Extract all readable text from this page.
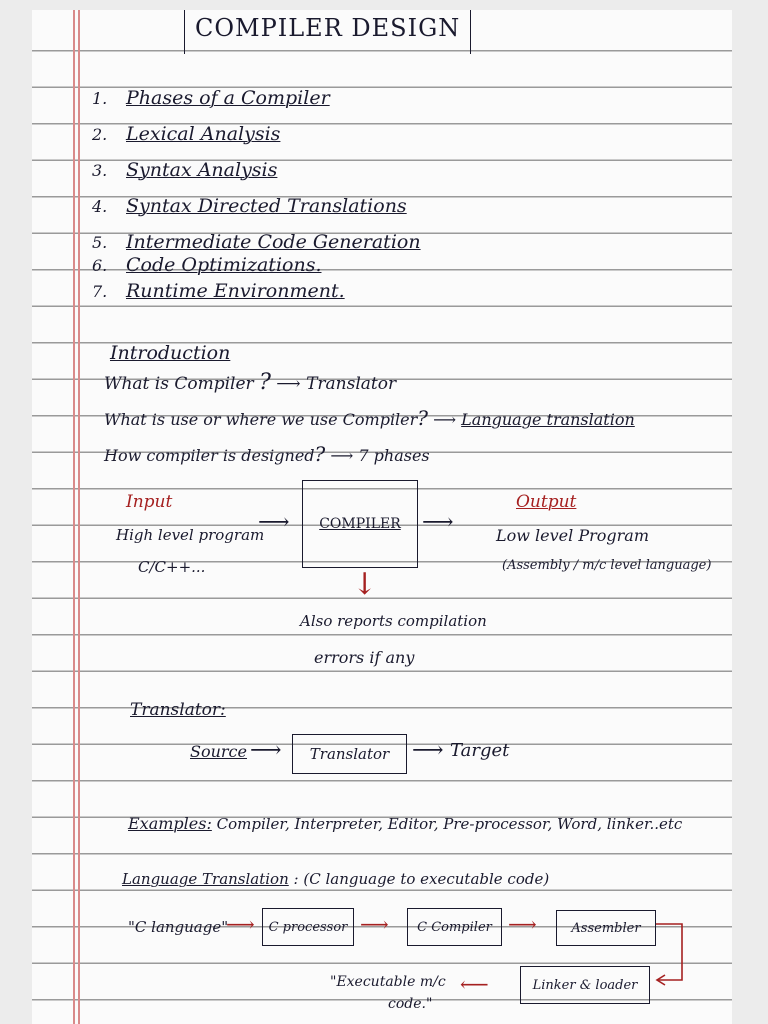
COMPILER DESIGN
1. Phases of a Compiler
2. Lexical Analysis
3. Syntax Analysis
4. Syntax Directed Translations
5. Intermediate Code Generation
6. Code Optimizations.
7. Runtime Environment.
Introduction
What is Compiler ? ⟶ Translator
What is use or where we use Compiler? ⟶ Language translation
How compiler is designed? ⟶ 7 phases
Input
High level program
C/C++...
⟶ COMPILER ⟶
Output
Low level Program
(Assembly / m/c level language)
↓
Also reports compilation
errors if any
Translator:
Source ⟶ Translator ⟶ Target
Examples: Compiler, Interpreter, Editor, Pre-processor, Word, linker..etc
Language Translation : (C language to executable code)
"C language"
⟶ C processor ⟶ C Compiler ⟶	Assembler
Linker & loader
⟵
"Executable m/c
code."
